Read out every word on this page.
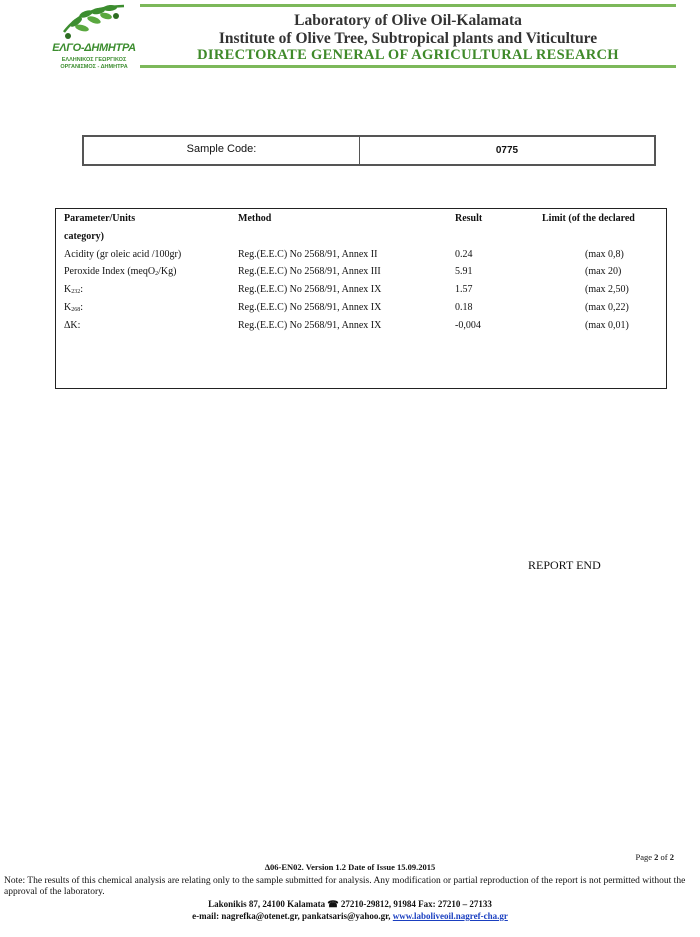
ΕΛΓΟ-ΔΗΜΗΤΡΑ
ΕΛΛΗΝΙΚΟΣ ΓΕΩΡΓΙΚΟΣ
ΟΡΓΑΝΙΣΜΟΣ - ΔΗΜΗΤΡΑ
Laboratory of Olive Oil-Kalamata
Institute of Olive Tree, Subtropical plants and Viticulture
DIRECTORATE GENERAL OF AGRICULTURAL RESEARCH
Sample Code:	0775
Parameter/Units	Method	Result	Limit (of the declared
category)
Acidity (gr oleic acid /100gr)	Reg.(E.E.C) No 2568/91, Annex II	0.24	(max 0,8)
Peroxide Index (meqO$_2$/Kg)	Reg.(E.E.C) No 2568/91, Annex III	5.91	(max 20)
$K_{232}$:	Reg.(E.E.C) No 2568/91, Annex IX	1.57	(max 2,50)
$K_{268}$:	Reg.(E.E.C) No 2568/91, Annex IX	0.18	(max 0,22)
ΔK:	Reg.(E.E.C) No 2568/91, Annex IX	-0,004	(max 0,01)
REPORT END
Page 2 of 2
Δ06-EN02. Version 1.2 Date of Issue 15.09.2015
Note: The results of this chemical analysis are relating only to the sample submitted for analysis. Any modification or partial reproduction of the report is not permitted without the approval of the laboratory.
Lakonikis 87, 24100 Kalamata ☎ 27210-29812, 91984 Fax: 27210 – 27133
e-mail: nagrefka@otenet.gr, pankatsaris@yahoo.gr, www.laboliveoil.nagref-cha.gr
